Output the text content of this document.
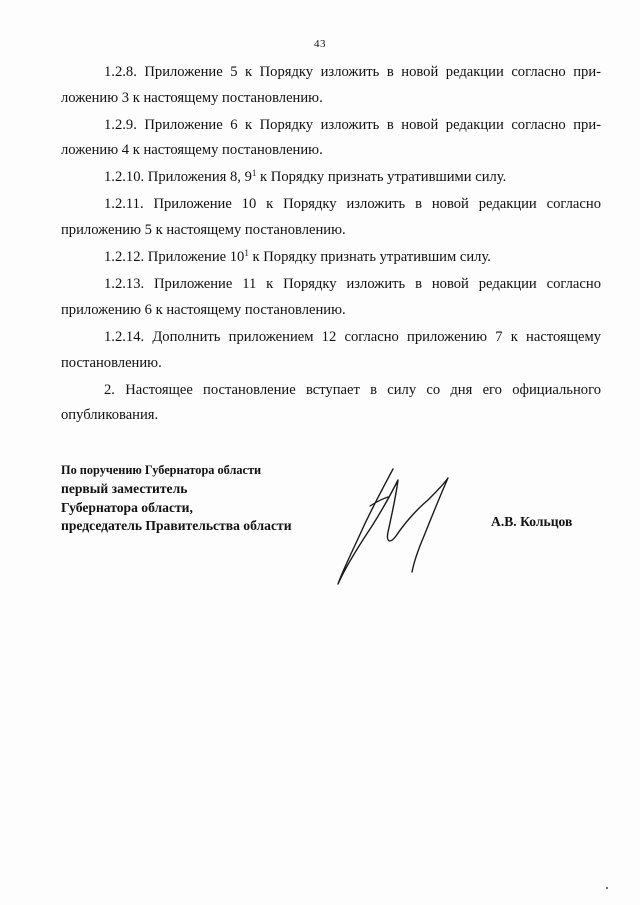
43

1.2.8. Приложение 5 к Порядку изложить в новой редакции согласно при-ложению 3 к настоящему постановлению.

1.2.9. Приложение 6 к Порядку изложить в новой редакции согласно при-ложению 4 к настоящему постановлению.

1.2.10. Приложения 8, $9^1$ к Порядку признать утратившими силу.

1.2.11. Приложение 10 к Порядку изложить в новой редакции согласно приложению 5 к настоящему постановлению.

1.2.12. Приложение $10^1$ к Порядку признать утратившим силу.

1.2.13. Приложение 11 к Порядку изложить в новой редакции согласно приложению 6 к настоящему постановлению.

1.2.14. Дополнить приложением 12 согласно приложению 7 к настоящему постановлению.

2. Настоящее постановление вступает в силу со дня его официального опубликования.

По поручению Губернатора области
первый заместитель
Губернатора области,
председатель Правительства области	А.В. Кольцов
